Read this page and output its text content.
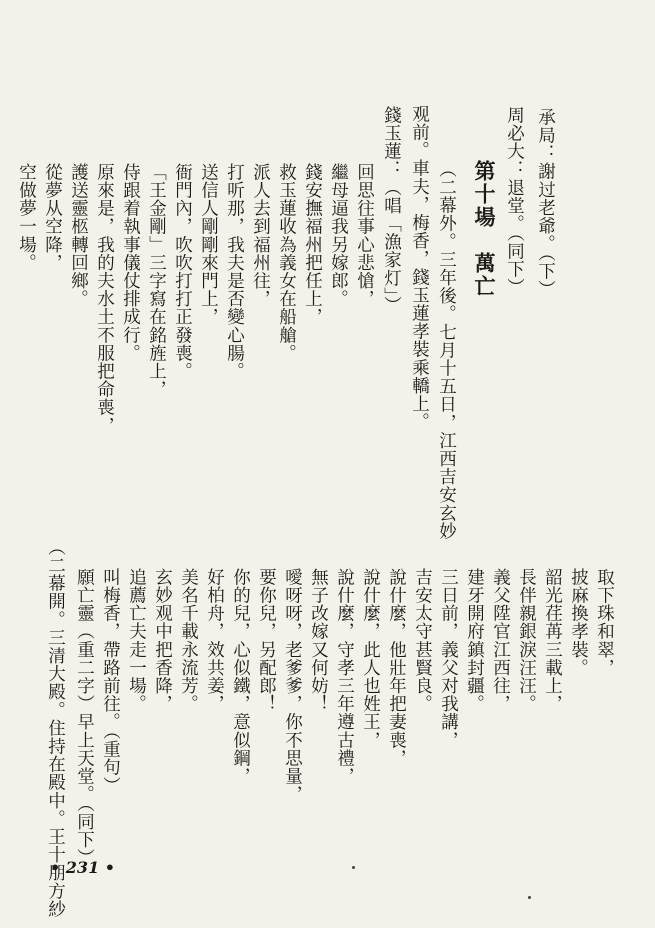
承局：謝过老爺。（下）
周必大：退堂。（同下）
第十場　萬亡
（二幕外。三年後。七月十五日，江西吉安玄妙
观前。車夫，梅香，錢玉蓮孝裝乘轎上。
錢玉蓮：（唱「漁家灯」）
回思往事心悲愴，
繼母逼我另嫁郎。
錢安撫福州把任上，
救玉蓮收為義女在船艙。
派人去到福州往，
打听那，我夫是否變心腸。
送信人剛剛來門上，
衙門內，吹吹打打正發喪。
「王金剛」三字寫在銘旌上，
侍跟着執事儀仗排成行。
原來是，我的夫水土不服把命喪，
護送靈柩轉回鄉。
從夢从空降，
空做夢一場。
取下珠和翠，
披麻換孝裝。
韶光荏苒三載上，
長伴親銀淚汪汪。
義父陞官江西往，
建牙開府鎮封疆。
三日前，義父对我講，
吉安太守甚賢良。
說什麼，他壯年把妻喪，
說什麼，此人也姓王，
說什麼，守孝三年遵古禮，
無子改嫁又何妨！
噯呀呀，老爹爹，你不思量，
要你兒，另配郎！
你的兒，心似鐵，意似鋼，
好柏舟，效共姜，
美名千載永流芳。
玄妙观中把香降，
追薦亡夫走一場。
叫梅香，帶路前往。（重句）
願亡靈（重二字）早上天堂。（同下）
（二幕開。三清大殿。住持在殿中。王十朋方紗
• 231 •
